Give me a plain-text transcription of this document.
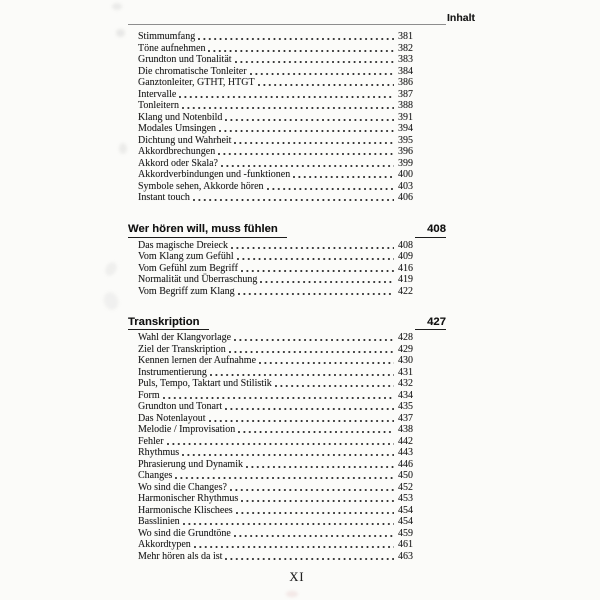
Inhalt
Stimmumfang	381
Töne aufnehmen	382
Grundton und Tonalität	383
Die chromatische Tonleiter	384
Ganztonleiter, GTHT, HTGT	386
Intervalle	387
Tonleitern	388
Klang und Notenbild	391
Modales Umsingen	394
Dichtung und Wahrheit	395
Akkordbrechungen	396
Akkord oder Skala?	399
Akkordverbindungen und -funktionen	400
Symbole sehen, Akkorde hören	403
Instant touch	406
Wer hören will, muss fühlen	408
Das magische Dreieck	408
Vom Klang zum Gefühl	409
Vom Gefühl zum Begriff	416
Normalität und Überraschung	419
Vom Begriff zum Klang	422
Transkription	427
Wahl der Klangvorlage	428
Ziel der Transkription	429
Kennen lernen der Aufnahme	430
Instrumentierung	431
Puls, Tempo, Taktart und Stilistik	432
Form	434
Grundton und Tonart	435
Das Notenlayout	437
Melodie / Improvisation	438
Fehler	442
Rhythmus	443
Phrasierung und Dynamik	446
Changes	450
Wo sind die Changes?	452
Harmonischer Rhythmus	453
Harmonische Klischees	454
Basslinien	454
Wo sind die Grundtöne	459
Akkordtypen	461
Mehr hören als da ist	463
XI
